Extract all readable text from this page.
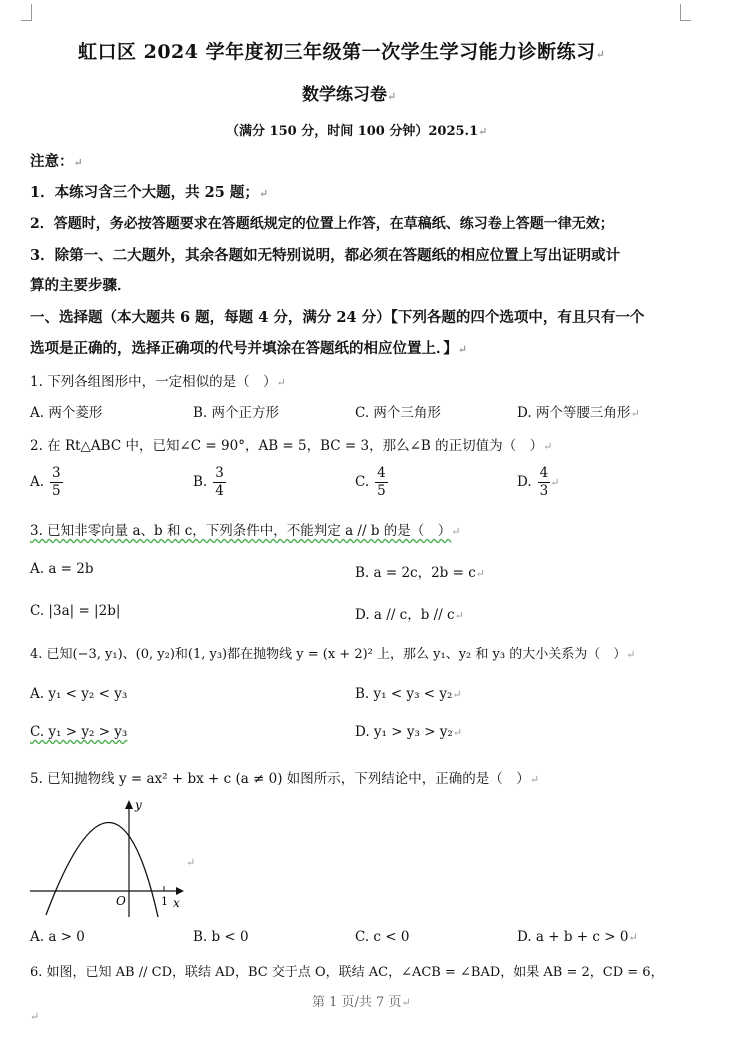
虹口区 2024 学年度初三年级第一次学生学习能力诊断练习↵
数学练习卷↵
（满分 150 分，时间 100 分钟）2025.1↵
注意：↵
1．本练习含三个大题，共 25 题；↵
2．答题时，务必按答题要求在答题纸规定的位置上作答，在草稿纸、练习卷上答题一律无效；
3．除第一、二大题外，其余各题如无特别说明，都必须在答题纸的相应位置上写出证明或计
算的主要步骤．
一、选择题（本大题共 6 题，每题 4 分，满分 24 分）【下列各题的四个选项中，有且只有一个
选项是正确的，选择正确项的代号并填涂在答题纸的相应位置上．】↵
1. 下列各组图形中，一定相似的是（　）↵
A. 两个菱形	B. 两个正方形	C. 两个三角形	D. 两个等腰三角形↵
2. 在 Rt△ABC 中，已知∠C = 90°，AB = 5，BC = 3，那么∠B 的正切值为（　）↵
A. $\frac{3}{5}$	B. $\frac{3}{4}$	C. $\frac{4}{5}$	D. $\frac{4}{3}$ ↵
3. 已知非零向量 a、b 和 c，下列条件中，不能判定 a // b 的是（　）↵
A. a = 2b	B. a = 2c，2b = c↵
C. |3a| = |2b|	D. a // c，b // c↵
4. 已知(−3, y₁)、(0, y₂)和(1, y₃)都在抛物线 y = (x + 2)² 上，那么 y₁、y₂ 和 y₃ 的大小关系为（　）↵
A. y₁ < y₂ < y₃	B. y₁ < y₃ < y₂↵
C. y₁ > y₂ > y₃	D. y₁ > y₃ > y₂↵
5. 已知抛物线 y = ax² + bx + c (a ≠ 0) 如图所示，下列结论中，正确的是（　）↵
y
x
O	1
↵
A. a > 0	B. b < 0	C. c < 0	D. a + b + c > 0↵
6. 如图，已知 AB // CD，联结 AD，BC 交于点 O，联结 AC，∠ACB = ∠BAD，如果 AB = 2，CD = 6，
第 1 页/共 7 页↵
↵
